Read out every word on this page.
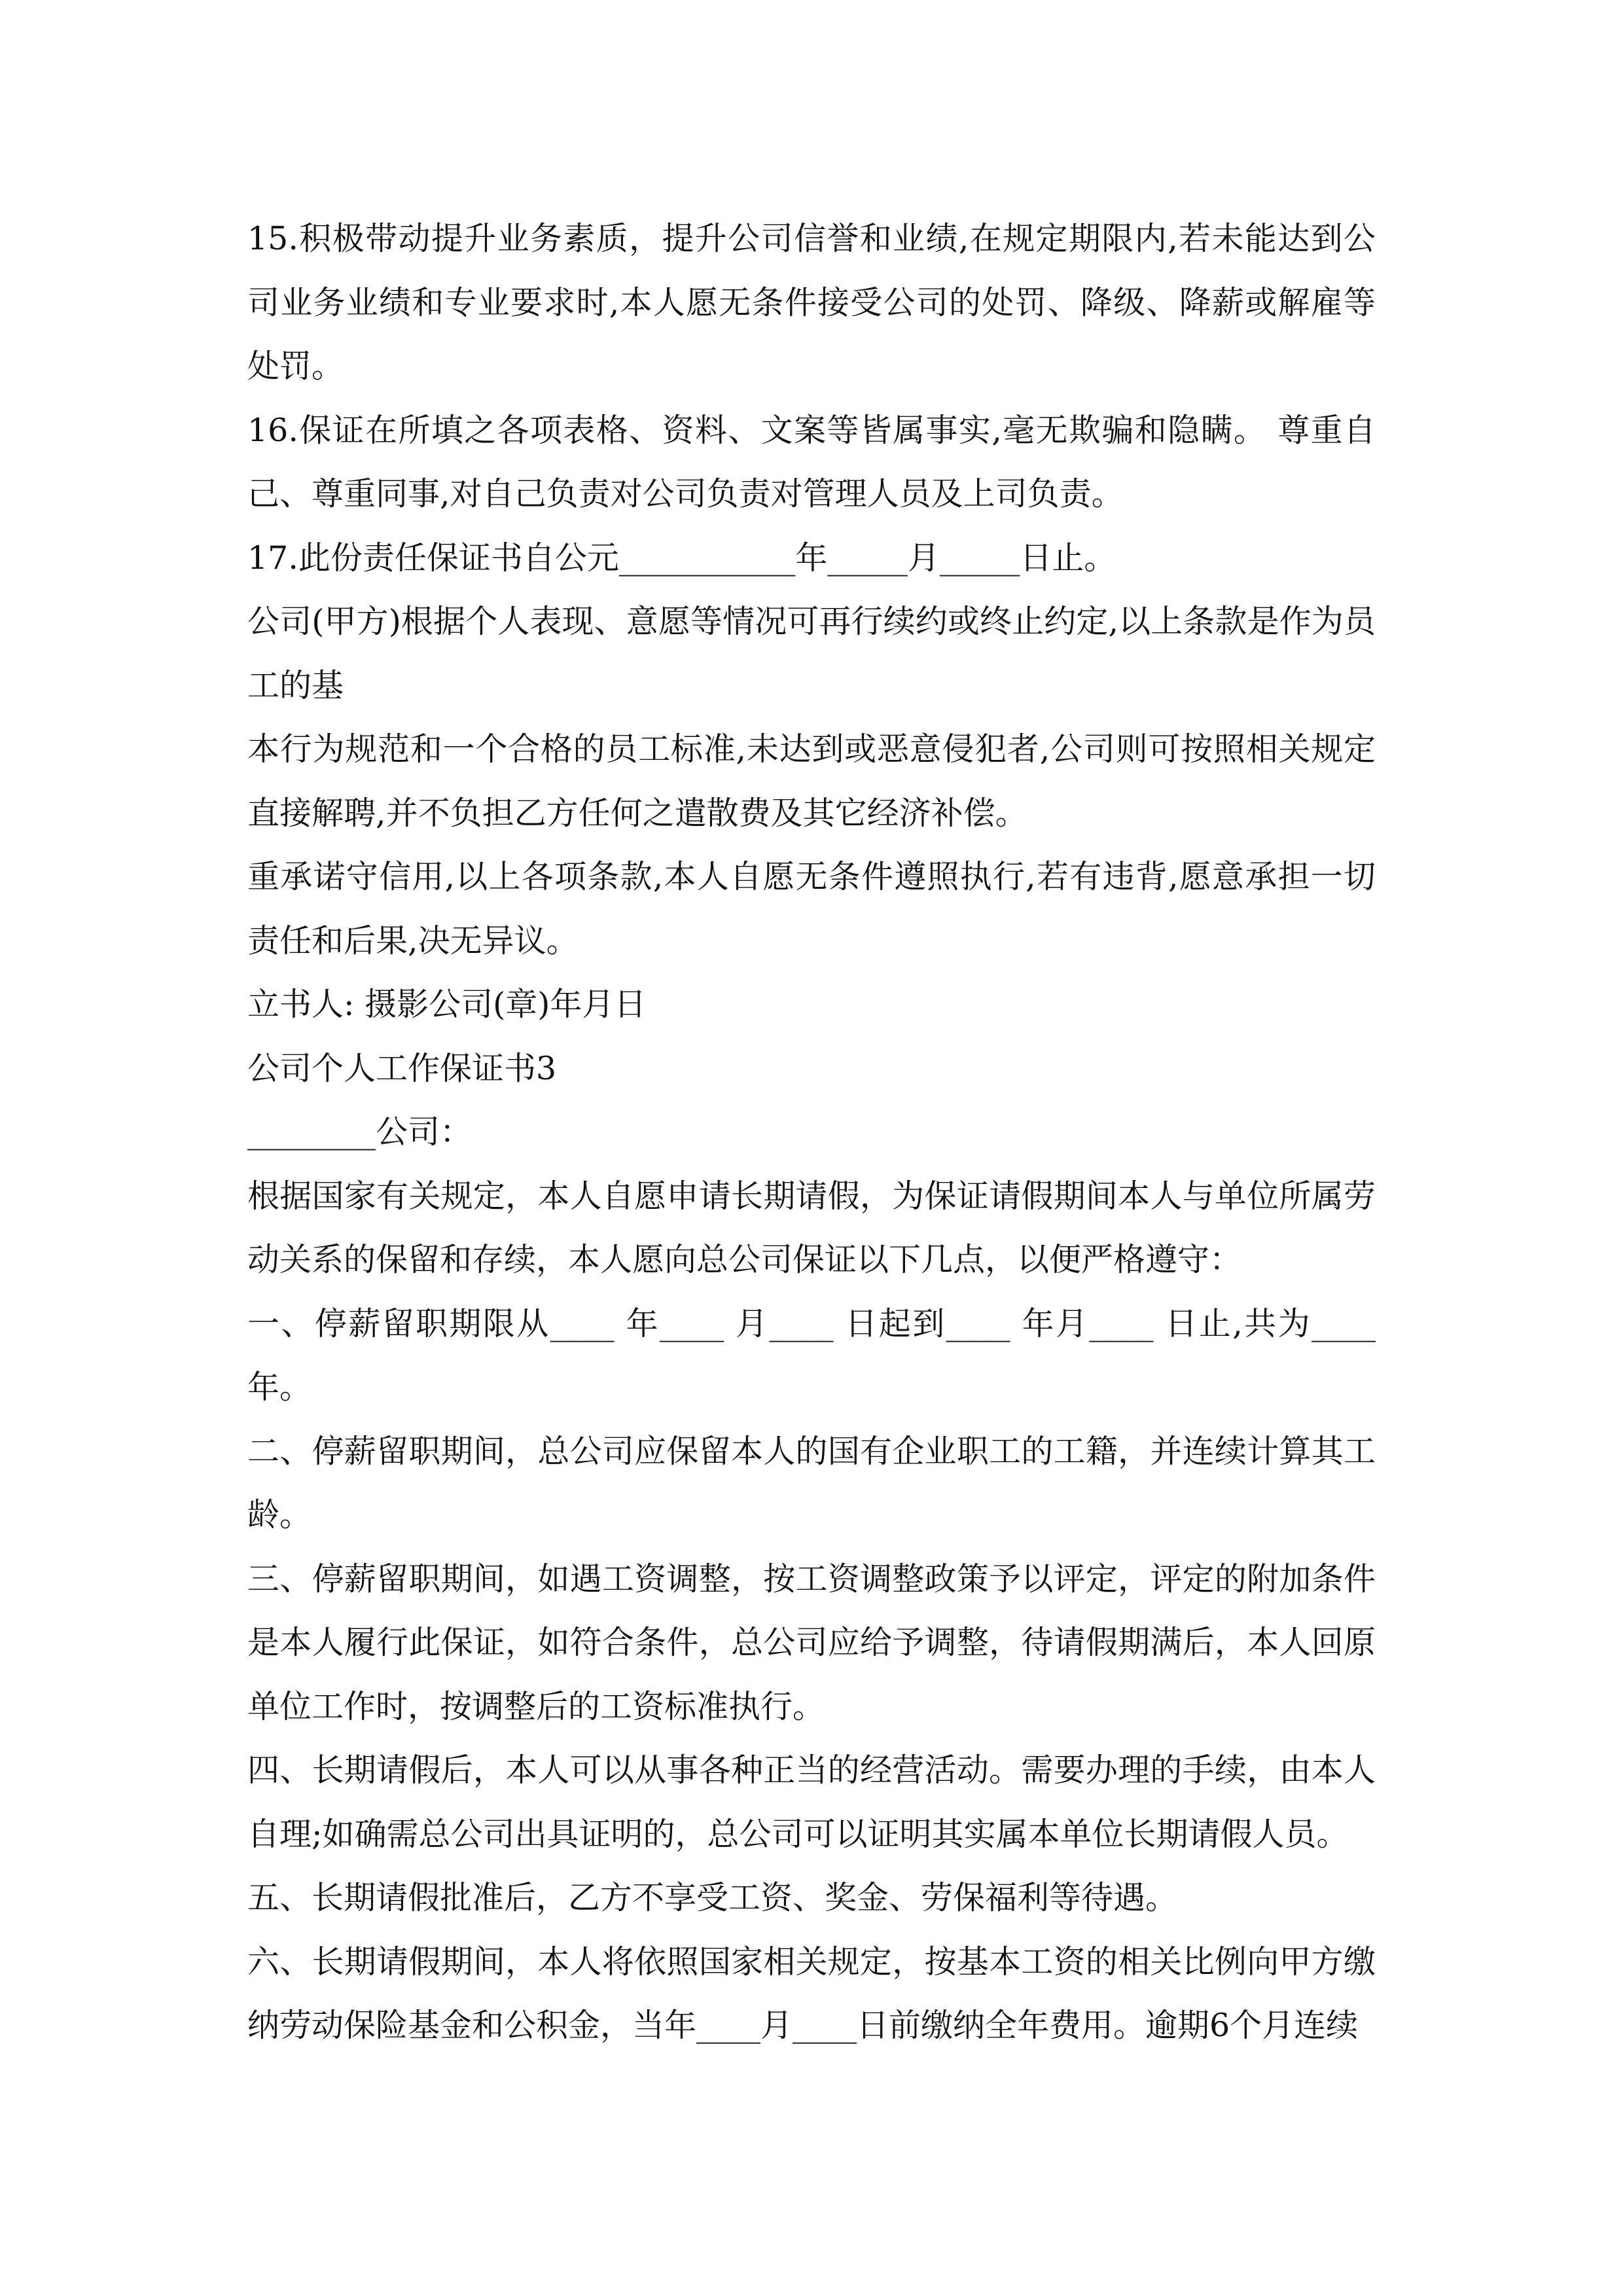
15.积极带动提升业务素质，提升公司信誉和业绩,在规定期限内,若未能达到公司业务业绩和专业要求时,本人愿无条件接受公司的处罚、降级、降薪或解雇等处罚。

16.保证在所填之各项表格、资料、文案等皆属事实,毫无欺骗和隐瞒。 尊重自己、尊重同事,对自己负责对公司负责对管理人员及上司负责。

17.此份责任保证书自公元___________年_____月_____日止。

公司(甲方)根据个人表现、意愿等情况可再行续约或终止约定,以上条款是作为员工的基

本行为规范和一个合格的员工标准,未达到或恶意侵犯者,公司则可按照相关规定直接解聘,并不负担乙方任何之遣散费及其它经济补偿。

重承诺守信用,以上各项条款,本人自愿无条件遵照执行,若有违背,愿意承担一切责任和后果,决无异议。

立书人: 摄影公司(章)年月日

公司个人工作保证书3

________公司：

根据国家有关规定，本人自愿申请长期请假，为保证请假期间本人与单位所属劳动关系的保留和存续，本人愿向总公司保证以下几点，以便严格遵守：

一、停薪留职期限从____ 年____ 月____ 日起到____ 年月____ 日止,共为____年。

二、停薪留职期间，总公司应保留本人的国有企业职工的工籍，并连续计算其工龄。

三、停薪留职期间，如遇工资调整，按工资调整政策予以评定，评定的附加条件是本人履行此保证，如符合条件，总公司应给予调整，待请假期满后，本人回原单位工作时，按调整后的工资标准执行。

四、长期请假后，本人可以从事各种正当的经营活动。需要办理的手续，由本人自理;如确需总公司出具证明的，总公司可以证明其实属本单位长期请假人员。

五、长期请假批准后，乙方不享受工资、奖金、劳保福利等待遇。

六、长期请假期间，本人将依照国家相关规定，按基本工资的相关比例向甲方缴纳劳动保险基金和公积金，当年____月____日前缴纳全年费用。逾期6个月连续
